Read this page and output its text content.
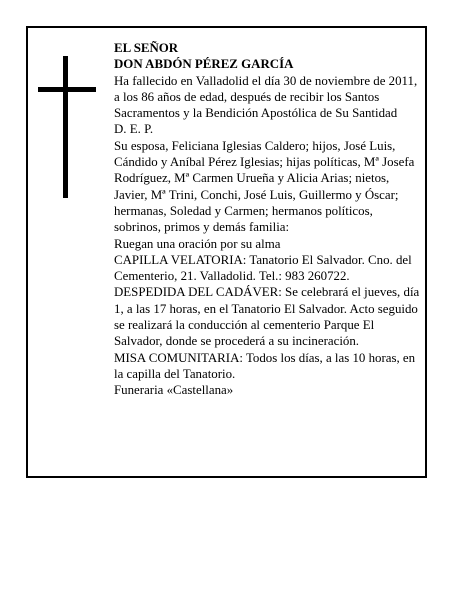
EL SEÑOR

DON ABDÓN PÉREZ GARCÍA

Ha fallecido en Valladolid el día 30 de noviembre de 2011, a los 86 años de edad, después de recibir los Santos Sacramentos y la Bendición Apostólica de Su Santidad

D. E. P.

Su esposa, Feliciana Iglesias Caldero; hijos, José Luis, Cándido y Aníbal Pérez Iglesias; hijas políticas, Mª Josefa Rodríguez, Mª Carmen Urueña y Alicia Arias; nietos, Javier, Mª Trini, Conchi, José Luis, Guillermo y Óscar; hermanas, Soledad y Carmen; hermanos políticos, sobrinos, primos y demás familia:

Ruegan una oración por su alma

CAPILLA VELATORIA: Tanatorio El Salvador. Cno. del Cementerio, 21. Valladolid. Tel.: 983 260722.

DESPEDIDA DEL CADÁVER: Se celebrará el jueves, día 1, a las 17 horas, en el Tanatorio El Salvador. Acto seguido se realizará la conducción al cementerio Parque El Salvador, donde se procederá a su incineración.

MISA COMUNITARIA: Todos los días, a las 10 horas, en la capilla del Tanatorio.

Funeraria «Castellana»
